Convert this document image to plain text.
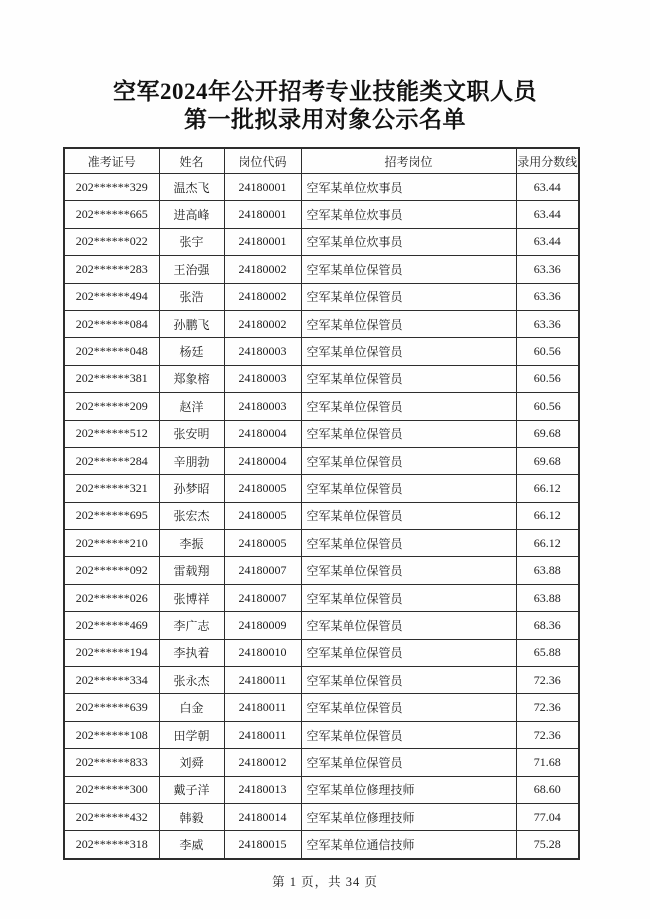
空军2024年公开招考专业技能类文职人员
第一批拟录用对象公示名单
准考证号	姓名	岗位代码	招考岗位	录用分数线
202******329	温杰飞	24180001	空军某单位炊事员	63.44
202******665	进高峰	24180001	空军某单位炊事员	63.44
202******022	张宇	24180001	空军某单位炊事员	63.44
202******283	王治强	24180002	空军某单位保管员	63.36
202******494	张浩	24180002	空军某单位保管员	63.36
202******084	孙鹏飞	24180002	空军某单位保管员	63.36
202******048	杨廷	24180003	空军某单位保管员	60.56
202******381	郑象榕	24180003	空军某单位保管员	60.56
202******209	赵洋	24180003	空军某单位保管员	60.56
202******512	张安明	24180004	空军某单位保管员	69.68
202******284	辛朋勃	24180004	空军某单位保管员	69.68
202******321	孙梦昭	24180005	空军某单位保管员	66.12
202******695	张宏杰	24180005	空军某单位保管员	66.12
202******210	李振	24180005	空军某单位保管员	66.12
202******092	雷载翔	24180007	空军某单位保管员	63.88
202******026	张博祥	24180007	空军某单位保管员	63.88
202******469	李广志	24180009	空军某单位保管员	68.36
202******194	李执着	24180010	空军某单位保管员	65.88
202******334	张永杰	24180011	空军某单位保管员	72.36
202******639	白金	24180011	空军某单位保管员	72.36
202******108	田学朝	24180011	空军某单位保管员	72.36
202******833	刘舜	24180012	空军某单位保管员	71.68
202******300	戴子洋	24180013	空军某单位修理技师	68.60
202******432	韩毅	24180014	空军某单位修理技师	77.04
202******318	李威	24180015	空军某单位通信技师	75.28
第 1 页，共 34 页
